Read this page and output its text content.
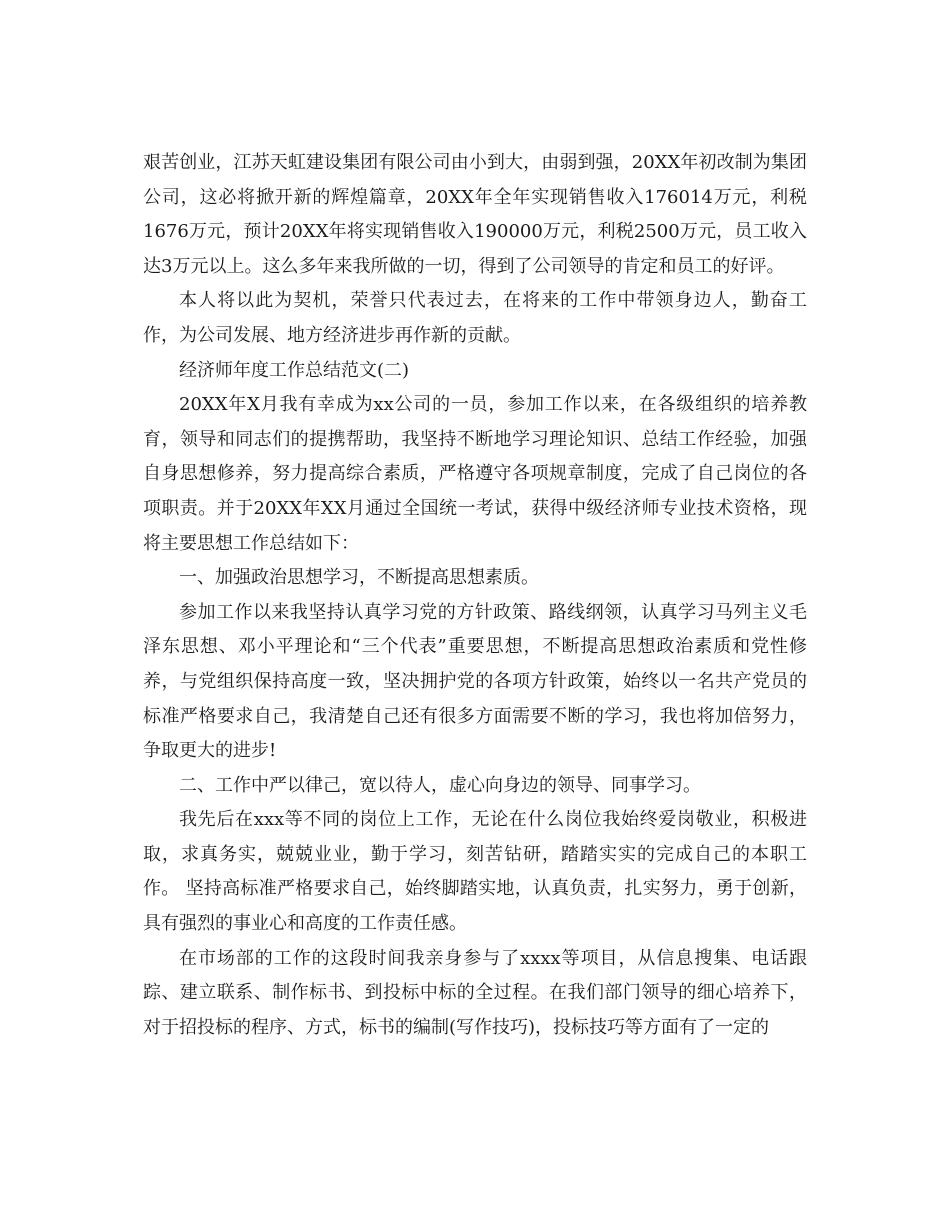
艰苦创业，江苏天虹建设集团有限公司由小到大，由弱到强，20XX年初改制为集团公司，这必将掀开新的辉煌篇章，20XX年全年实现销售收入176014万元，利税1676万元，预计20XX年将实现销售收入190000万元，利税2500万元，员工收入达3万元以上。这么多年来我所做的一切，得到了公司领导的肯定和员工的好评。

本人将以此为契机，荣誉只代表过去，在将来的工作中带领身边人，勤奋工作，为公司发展、地方经济进步再作新的贡献。

经济师年度工作总结范文(二)

20XX年X月我有幸成为xx公司的一员，参加工作以来，在各级组织的培养教育，领导和同志们的提携帮助，我坚持不断地学习理论知识、总结工作经验，加强自身思想修养，努力提高综合素质，严格遵守各项规章制度，完成了自己岗位的各项职责。并于20XX年XX月通过全国统一考试，获得中级经济师专业技术资格，现将主要思想工作总结如下：

一、加强政治思想学习，不断提高思想素质。

参加工作以来我坚持认真学习党的方针政策、路线纲领，认真学习马列主义毛泽东思想、邓小平理论和“三个代表”重要思想，不断提高思想政治素质和党性修养，与党组织保持高度一致，坚决拥护党的各项方针政策，始终以一名共产党员的标准严格要求自己，我清楚自己还有很多方面需要不断的学习，我也将加倍努力，争取更大的进步!

二、工作中严以律己，宽以待人，虚心向身边的领导、同事学习。

我先后在xxx等不同的岗位上工作，无论在什么岗位我始终爱岗敬业，积极进取，求真务实，兢兢业业，勤于学习，刻苦钻研，踏踏实实的完成自己的本职工作。 坚持高标准严格要求自己，始终脚踏实地，认真负责，扎实努力，勇于创新，具有强烈的事业心和高度的工作责任感。

在市场部的工作的这段时间我亲身参与了xxxx等项目，从信息搜集、电话跟踪、建立联系、制作标书、到投标中标的全过程。在我们部门领导的细心培养下，对于招投标的程序、方式，标书的编制(写作技巧)，投标技巧等方面有了一定的
